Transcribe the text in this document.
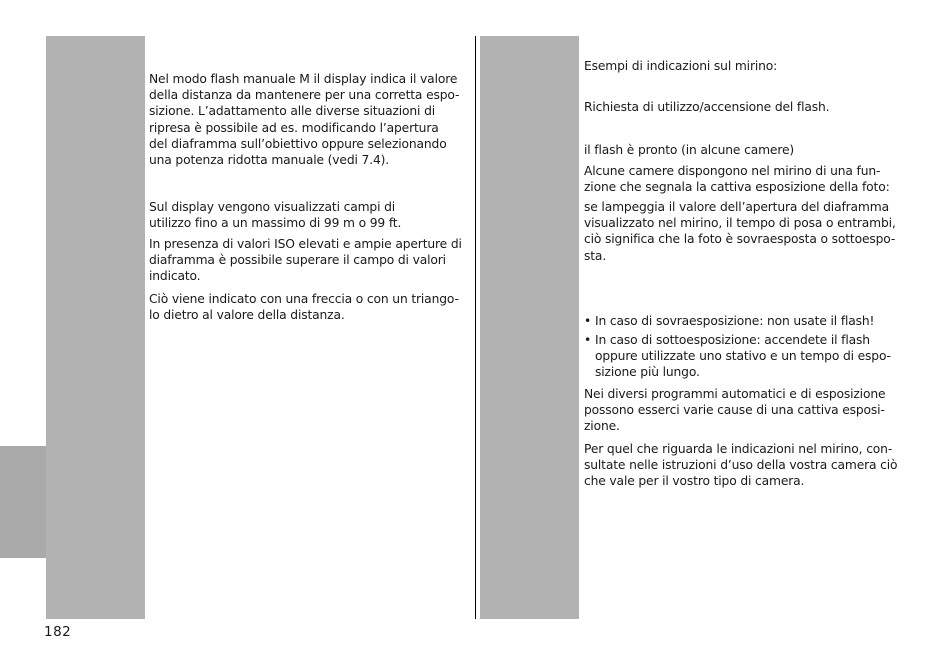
Nel modo flash manuale M il display indica il valore
della distanza da mantenere per una corretta espo-
sizione. L’adattamento alle diverse situazioni di
ripresa è possibile ad es. modificando l’apertura
del diaframma sull’obiettivo oppure selezionando
una potenza ridotta manuale (vedi 7.4).
Sul display vengono visualizzati campi di
utilizzo fino a un massimo di 99 m o 99 ft.
In presenza di valori ISO elevati e ampie aperture di
diaframma è possibile superare il campo di valori
indicato.
Ciò viene indicato con una freccia o con un triango-
lo dietro al valore della distanza.
Esempi di indicazioni sul mirino:
Richiesta di utilizzo/accensione del flash.
il flash è pronto (in alcune camere)
Alcune camere dispongono nel mirino di una fun-
zione che segnala la cattiva esposizione della foto:
se lampeggia il valore dell’apertura del diaframma
visualizzato nel mirino, il tempo di posa o entrambi,
ciò significa che la foto è sovraesposta o sottoespo-
sta.
• In caso di sovraesposizione: non usate il flash!
• In caso di sottoesposizione: accendete il flash
oppure utilizzate uno stativo e un tempo di espo-
sizione più lungo.
Nei diversi programmi automatici e di esposizione
possono esserci varie cause di una cattiva esposi-
zione.
Per quel che riguarda le indicazioni nel mirino, con-
sultate nelle istruzioni d’uso della vostra camera ciò
che vale per il vostro tipo di camera.
182
